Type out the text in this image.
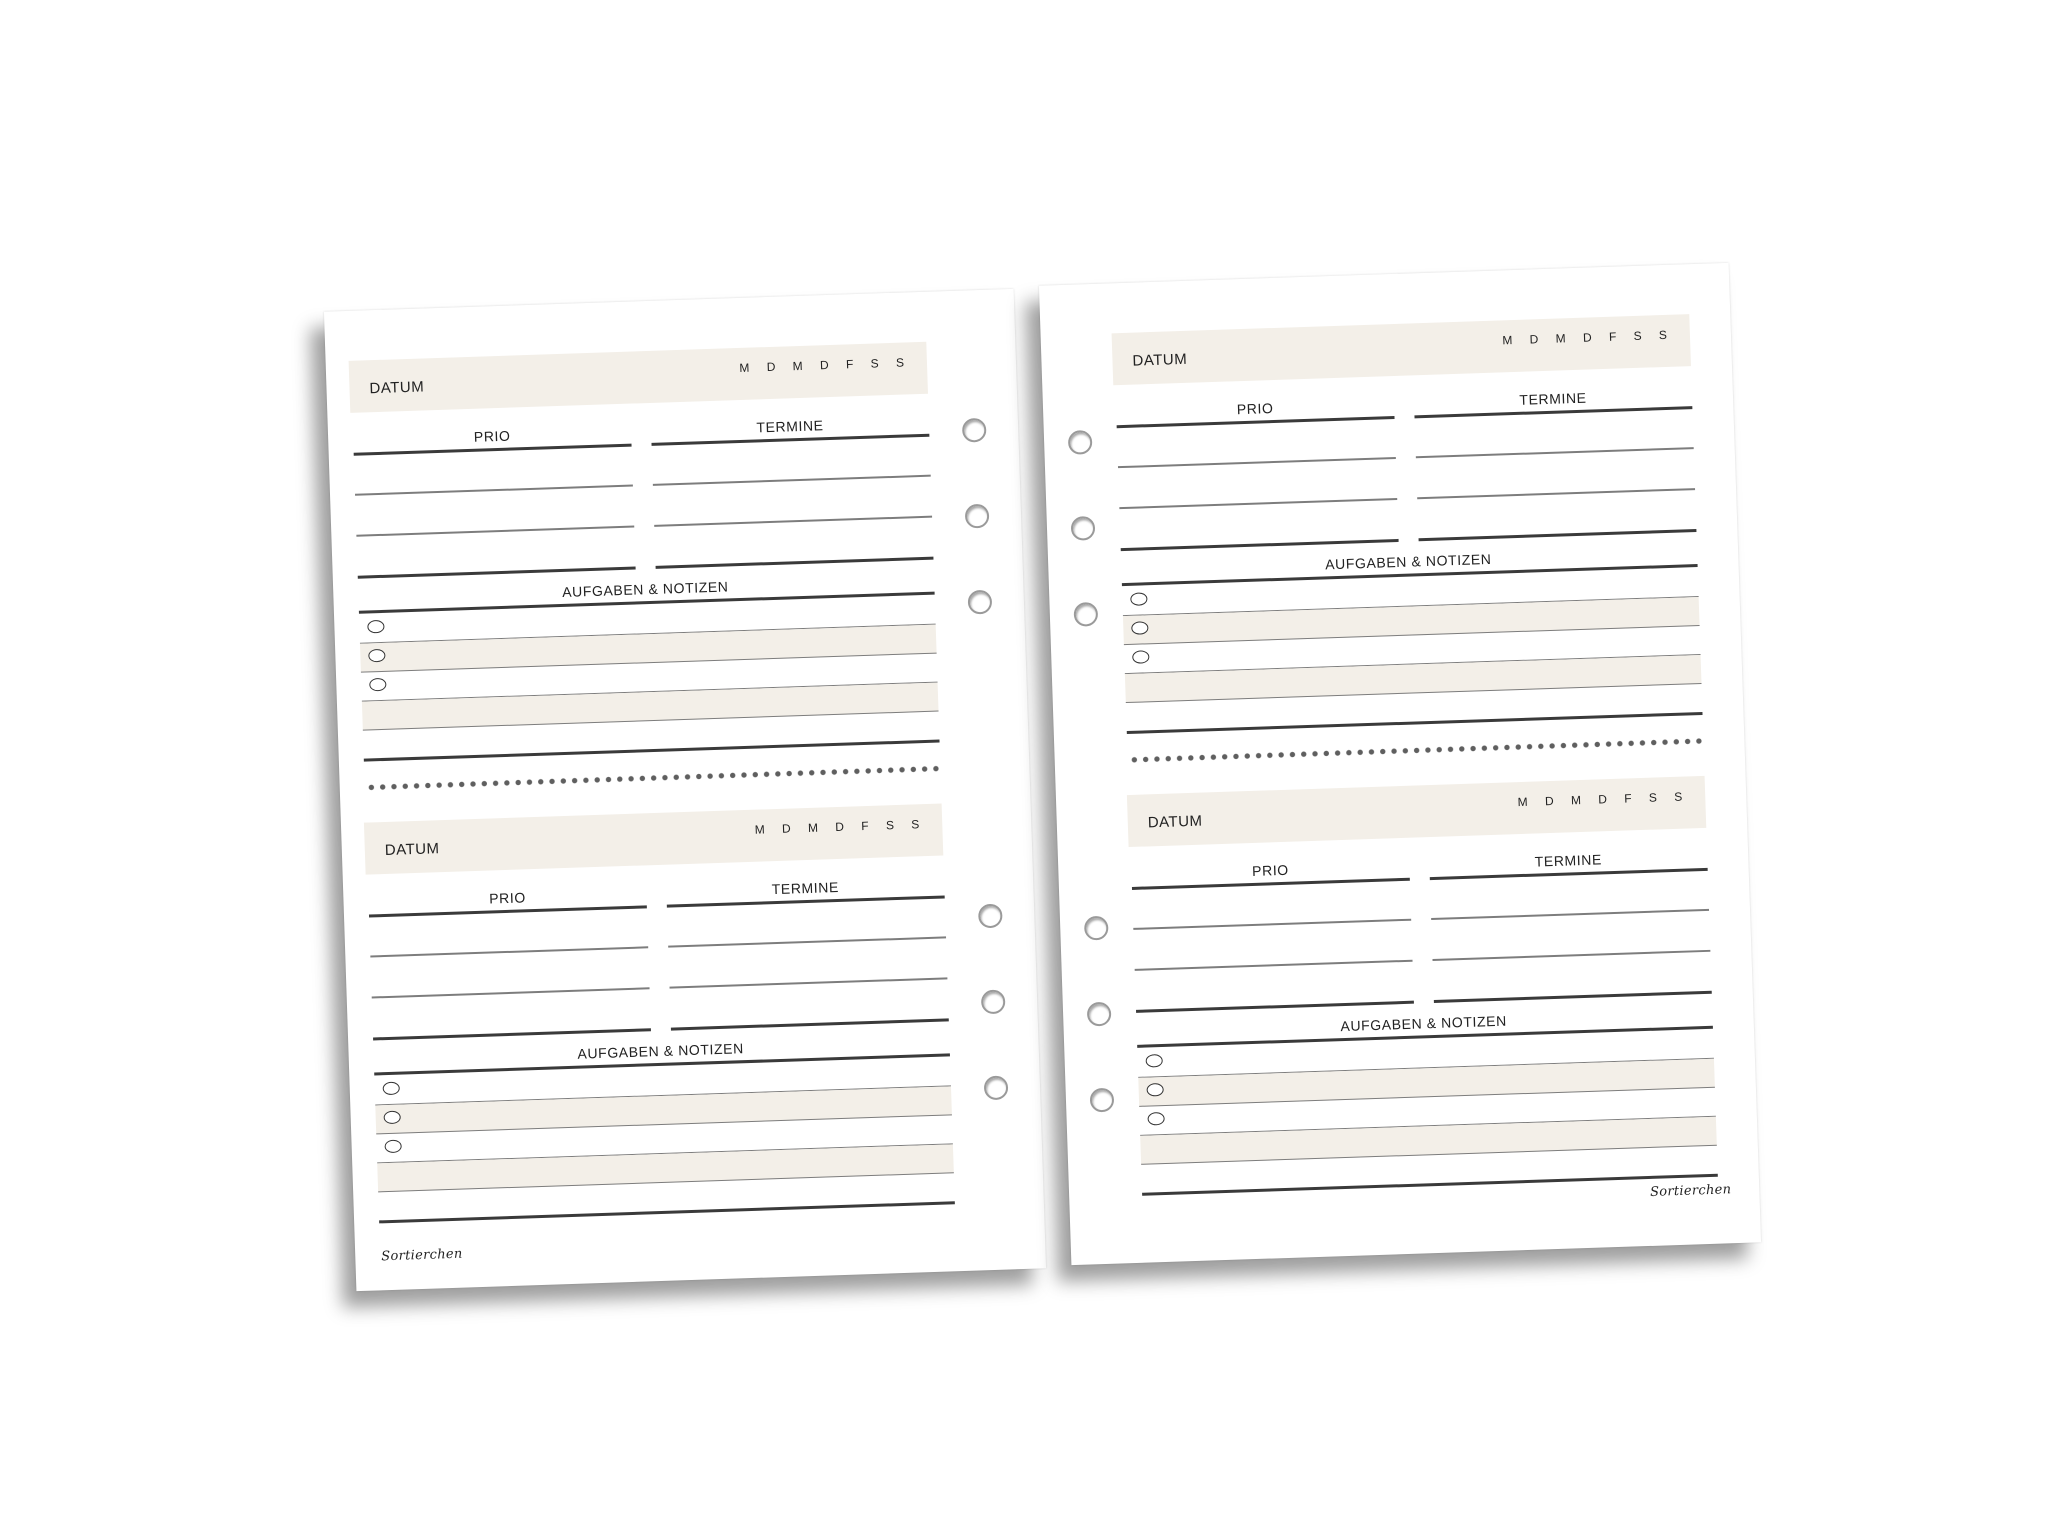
DATUM
M D M D F S S
PRIO
TERMINE
AUFGABEN & NOTIZEN
DATUM
M D M D F S S
PRIO
TERMINE
AUFGABEN & NOTIZEN
Sortierchen
DATUM
M D M D F S S
PRIO
TERMINE
AUFGABEN & NOTIZEN
DATUM
M D M D F S S
PRIO
TERMINE
AUFGABEN & NOTIZEN
Sortierchen
